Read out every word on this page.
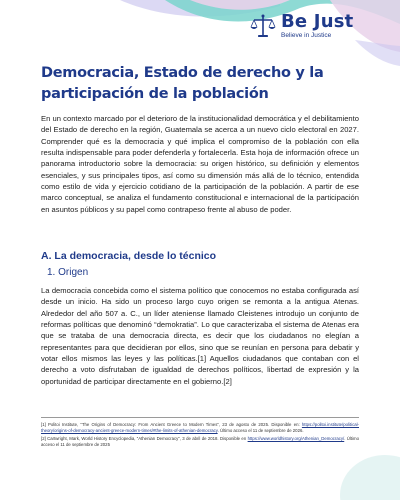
Be Just
Believe in Justice
Democracia, Estado de derecho y la
participación de la población

En un contexto marcado por el deterioro de la institucionalidad democrática y el debilitamiento del Estado de derecho en la región, Guatemala se acerca a un nuevo ciclo electoral en 2027. Comprender qué es la democracia y qué implica el compromiso de la población con ella resulta indispensable para poder defenderla y fortalecerla. Esta hoja de información ofrece un panorama introductorio sobre la democracia: su origen histórico, su definición y elementos esenciales, y sus principales tipos, así como su dimensión más allá de lo técnico, entendida como estilo de vida y ejercicio cotidiano de la participación de la población. A partir de ese marco conceptual, se analiza el fundamento constitucional e internacional de la participación en asuntos públicos y su papel como contrapeso frente al abuso de poder.

A. La democracia, desde lo técnico
1. Origen

La democracia concebida como el sistema político que conocemos no estaba configurada así desde un inicio. Ha sido un proceso largo cuyo origen se remonta a la antigua Atenas. Alrededor del año 507 a. C., un líder ateniense llamado Cleistenes introdujo un conjunto de reformas políticas que denominó “demokratia”. Lo que caracterizaba el sistema de Atenas era que se trataba de una democracia directa, es decir que los ciudadanos no elegían a representantes para que decidieran por ellos, sino que se reunían en persona para debatir y votar ellos mismos las leyes y las políticas.[1] Aquellos ciudadanos que contaban con el derecho a voto disfrutaban de igualdad de derechos políticos, libertad de expresión y la oportunidad de participar directamente en el gobierno.[2]

[1] Politoi Institute, “The Origins of Democracy: From Ancient Greece to Modern Times”, 23 de agosto de 2025. Disponible en: https://politoi.institute/political-theory/origins-of-democracy-ancient-greece-modern-times/#the-limits-of-athenian-democracy. Último acceso el 11 de septiembre de 2026.

[2] Cartwright, Mark, World History Encyclopedia, “Athenian Democracy”, 3 de abril de 2018. Disponible en https://www.worldhistory.org/Athenian_Democracy/. Último acceso el 11 de septiembre de 2025
